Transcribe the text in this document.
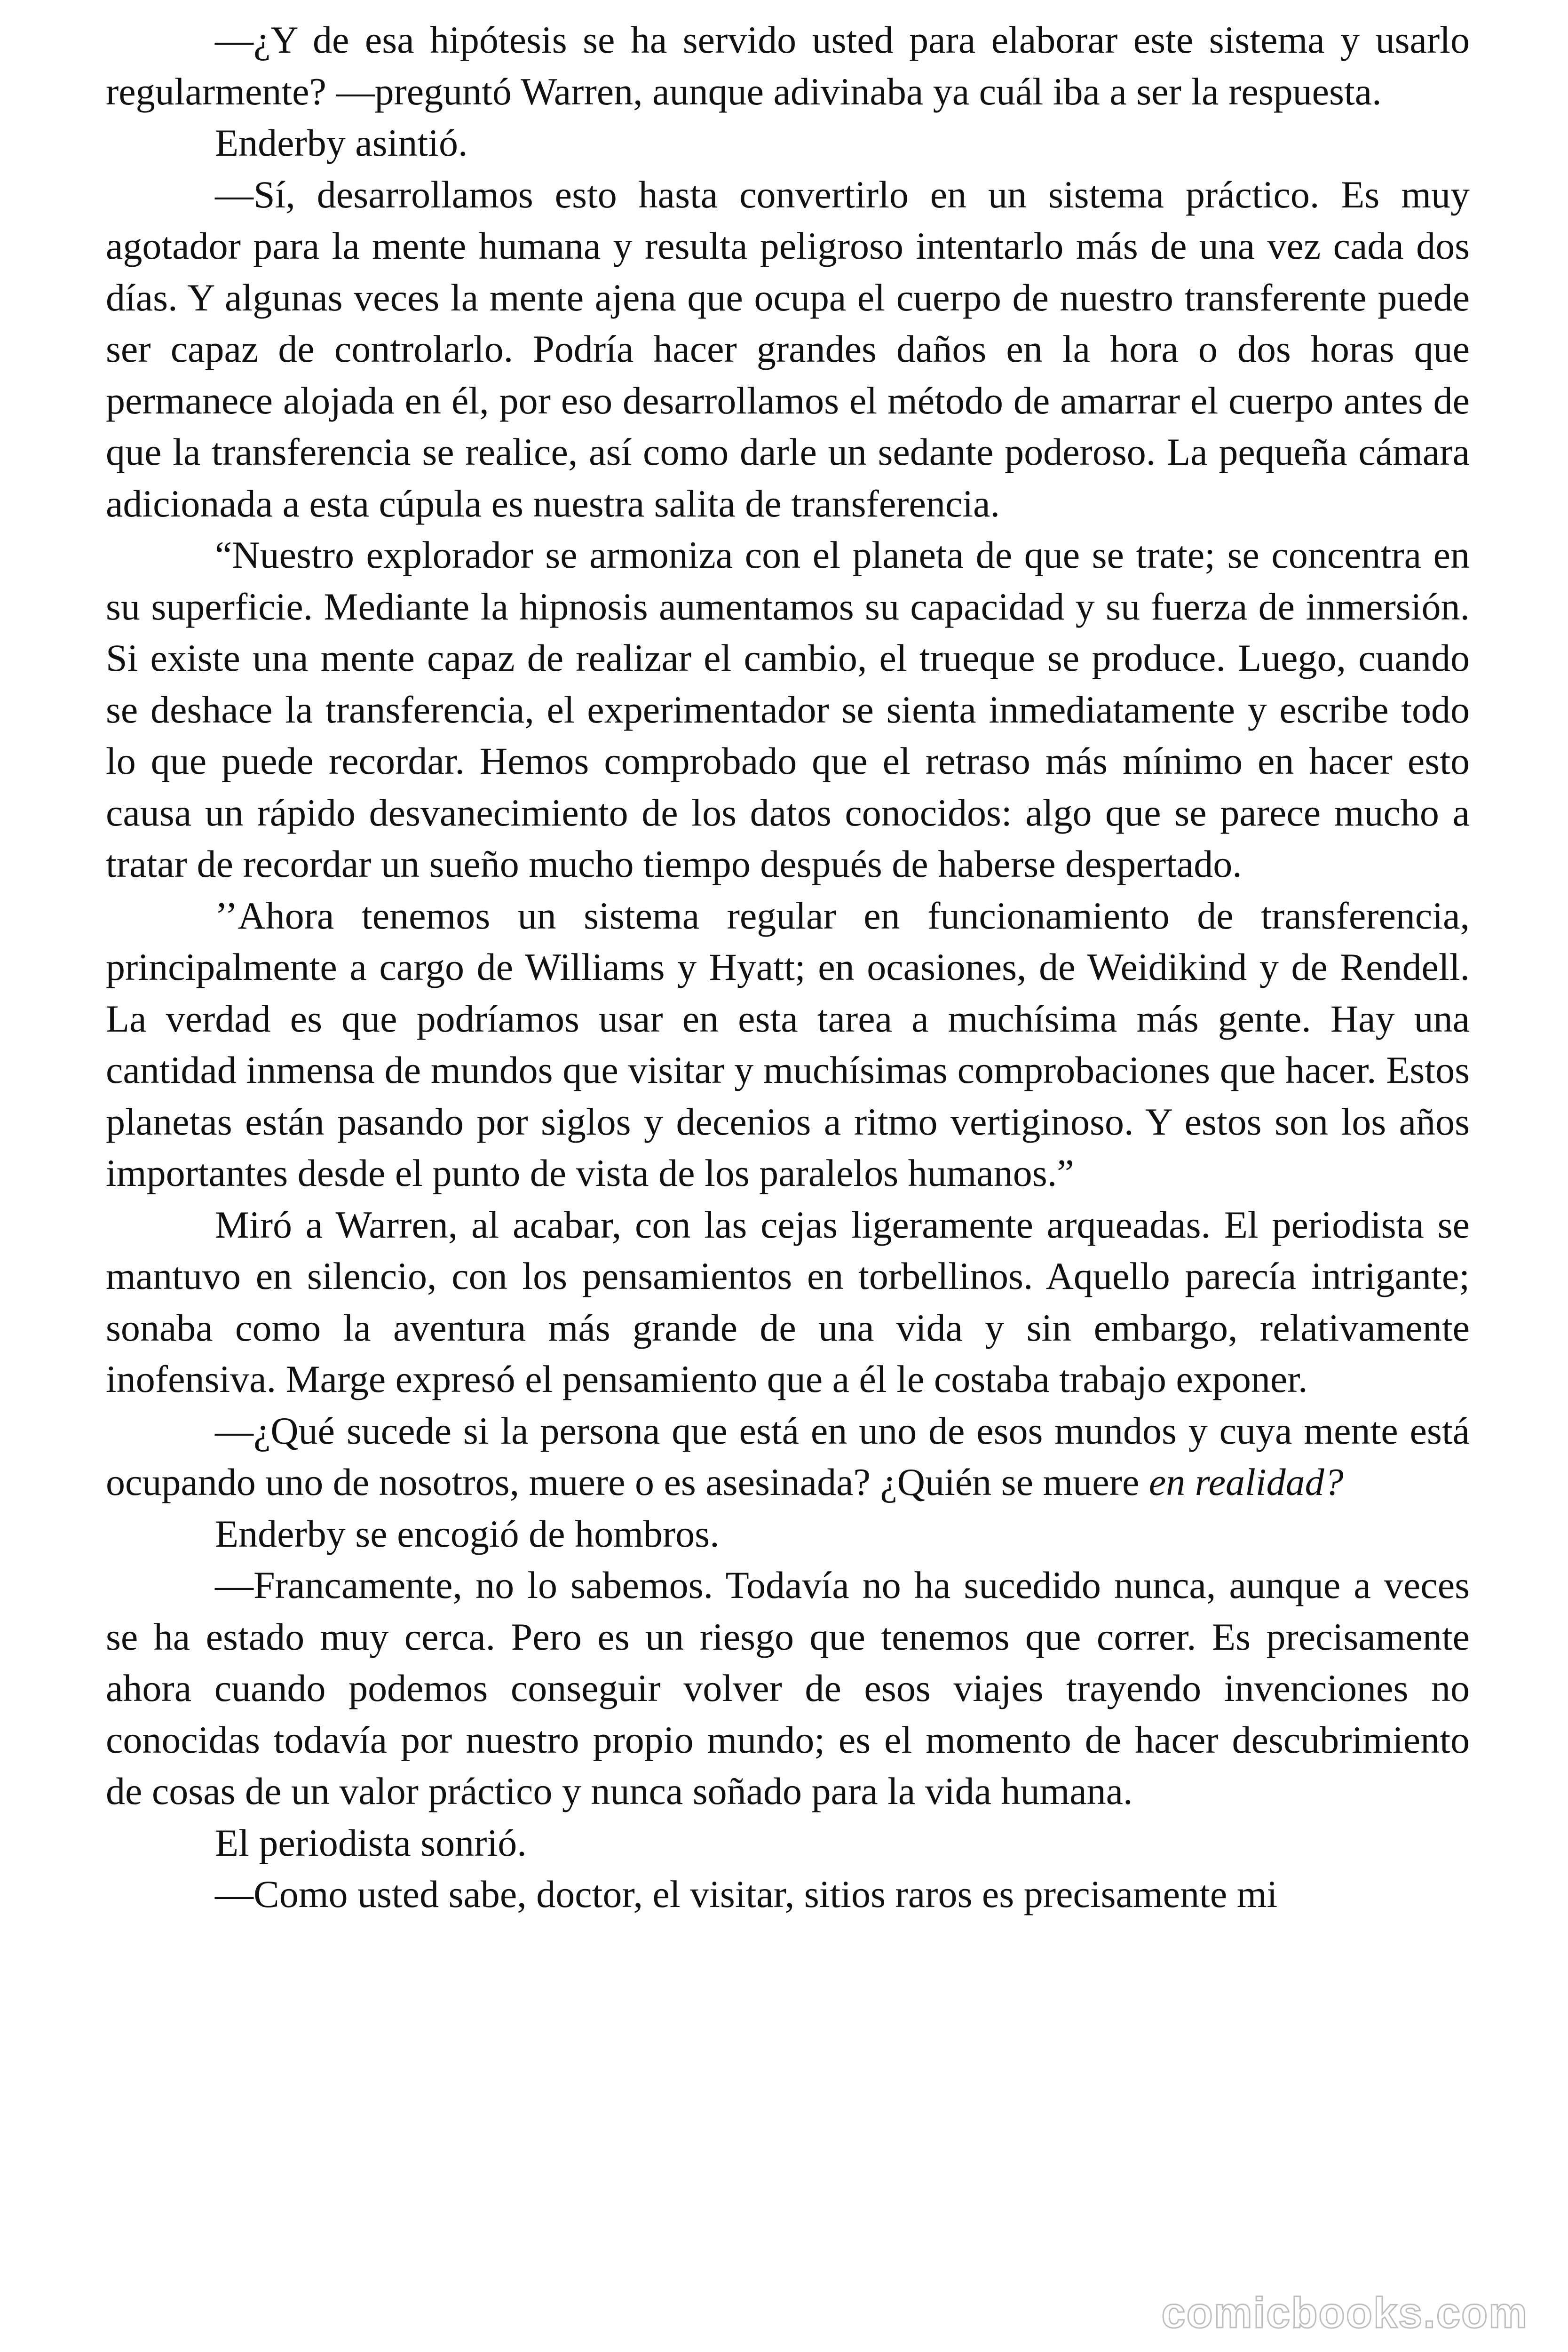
—¿Y de esa hipótesis se ha servido usted para elaborar este sistema y usarlo regularmente? —preguntó Warren, aunque adivinaba ya cuál iba a ser la respuesta.

Enderby asintió.

—Sí, desarrollamos esto hasta convertirlo en un sistema práctico. Es muy agotador para la mente humana y resulta peligroso intentarlo más de una vez cada dos días. Y algunas veces la mente ajena que ocupa el cuerpo de nuestro transferente puede ser capaz de controlarlo. Podría hacer grandes daños en la hora o dos horas que permanece alojada en él, por eso desarrollamos el método de amarrar el cuerpo antes de que la transferencia se realice, así como darle un sedante poderoso. La pequeña cámara adicionada a esta cúpula es nuestra salita de transferencia.

“Nuestro explorador se armoniza con el planeta de que se trate; se concentra en su superficie. Mediante la hipnosis aumentamos su capacidad y su fuerza de inmersión. Si existe una mente capaz de realizar el cambio, el trueque se produce. Luego, cuando se deshace la transferencia, el experimentador se sienta inmediatamente y escribe todo lo que puede recordar. Hemos comprobado que el retraso más mínimo en hacer esto causa un rápido desvanecimiento de los datos conocidos: algo que se parece mucho a tratar de recordar un sueño mucho tiempo después de haberse despertado.

’’Ahora tenemos un sistema regular en funcionamiento de transferencia, principalmente a cargo de Williams y Hyatt; en ocasiones, de Weidikind y de Rendell. La verdad es que podríamos usar en esta tarea a muchísima más gente. Hay una cantidad inmensa de mundos que visitar y muchísimas comprobaciones que hacer. Estos planetas están pasando por siglos y decenios a ritmo vertiginoso. Y estos son los años importantes desde el punto de vista de los paralelos humanos.”

Miró a Warren, al acabar, con las cejas ligeramente arqueadas. El periodista se mantuvo en silencio, con los pensamientos en torbellinos. Aquello parecía intrigante; sonaba como la aventura más grande de una vida y sin embargo, relativamente inofensiva. Marge expresó el pensamiento que a él le costaba trabajo exponer.

—¿Qué sucede si la persona que está en uno de esos mundos y cuya mente está ocupando uno de nosotros, muere o es asesinada? ¿Quién se muere en realidad?

Enderby se encogió de hombros.

—Francamente, no lo sabemos. Todavía no ha sucedido nunca, aunque a veces se ha estado muy cerca. Pero es un riesgo que tenemos que correr. Es precisamente ahora cuando podemos conseguir volver de esos viajes trayendo invenciones no conocidas todavía por nuestro propio mundo; es el momento de hacer descubrimiento de cosas de un valor práctico y nunca soñado para la vida humana.

El periodista sonrió.

—Como usted sabe, doctor, el visitar, sitios raros es precisamente mi

comicbooks.com
